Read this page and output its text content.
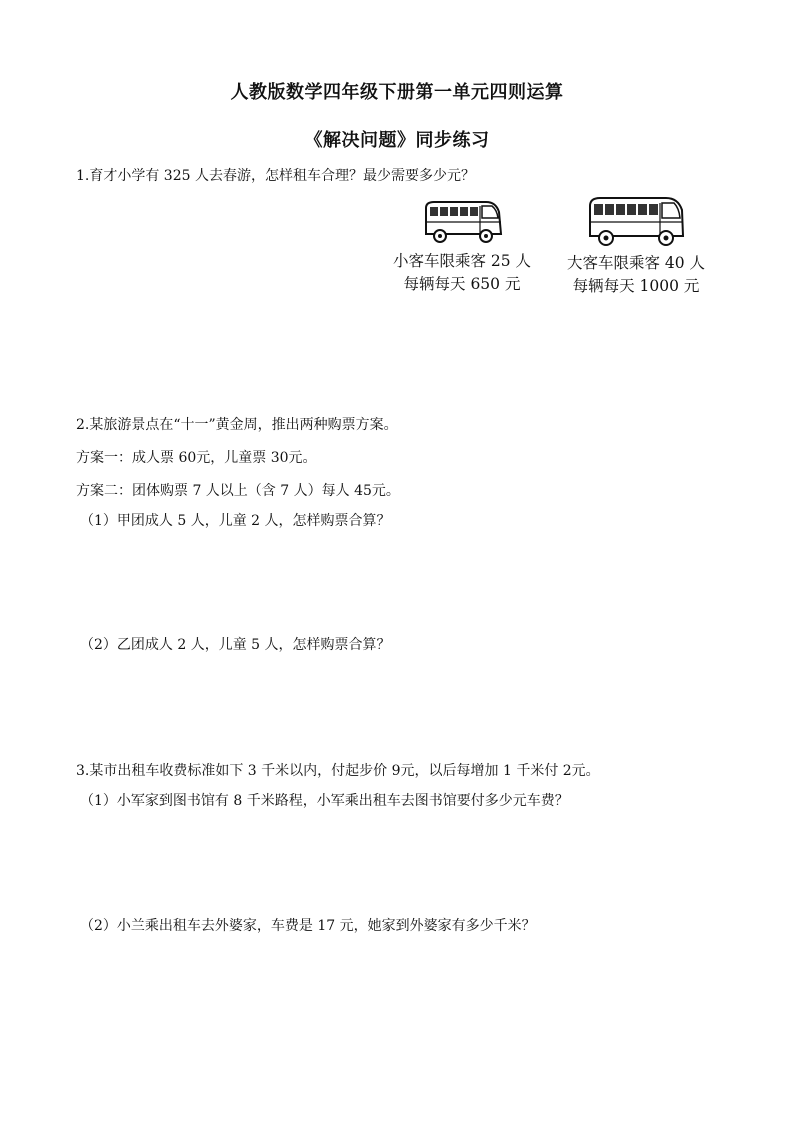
人教版数学四年级下册第一单元四则运算
《解决问题》同步练习
1.育才小学有 325 人去春游，怎样租车合理？最少需要多少元？
小客车限乘客 25 人
每辆每天 650 元
大客车限乘客 40 人
每辆每天 1000 元
2.某旅游景点在“十一”黄金周，推出两种购票方案。
方案一：成人票 60元，儿童票 30元。
方案二：团体购票 7 人以上（含 7 人）每人 45元。
（1）甲团成人 5 人，儿童 2 人，怎样购票合算？
（2）乙团成人 2 人，儿童 5 人，怎样购票合算？
3.某市出租车收费标准如下 3 千米以内，付起步价 9元，以后每增加 1 千米付 2元。
（1）小军家到图书馆有 8 千米路程，小军乘出租车去图书馆要付多少元车费？
（2）小兰乘出租车去外婆家，车费是 17 元，她家到外婆家有多少千米？
